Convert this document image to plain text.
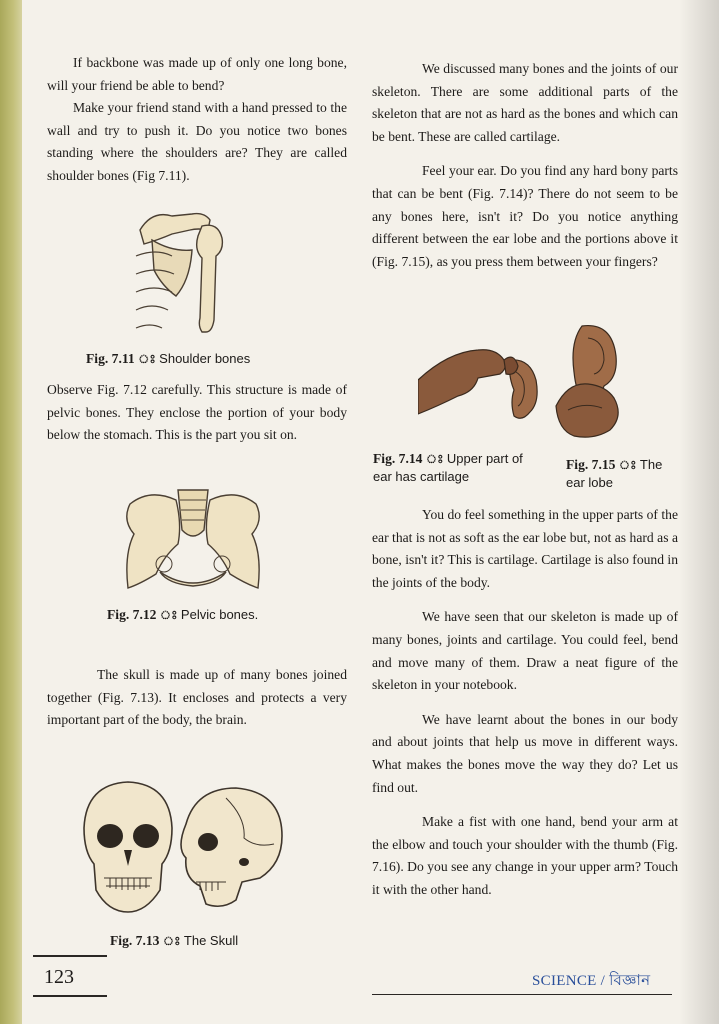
If backbone was made up of only one long bone, will your friend be able to bend?

Make your friend stand with a hand pressed to the wall and try to push it. Do you notice two bones standing where the shoulders are? They are called shoulder bones (Fig 7.11).

Fig. 7.11 ঃ Shoulder bones

Observe Fig. 7.12 carefully. This structure is made of pelvic bones. They enclose the portion of your body below the stomach. This is the part you sit on.

Fig. 7.12 ঃ Pelvic bones.

The skull is made up of many bones joined together (Fig. 7.13). It encloses and protects a very important part of the body, the brain.

Fig. 7.13 ঃ The Skull

We discussed many bones and the joints of our skeleton. There are some additional parts of the skeleton that are not as hard as the bones and which can be bent. These are called cartilage.

Feel your ear. Do you find any hard bony parts that can be bent (Fig. 7.14)? There do not seem to be any bones here, isn't it? Do you notice anything different between the ear lobe and the portions above it (Fig. 7.15), as you press them between your fingers?

Fig. 7.14 ঃ Upper part of
ear has cartilage
Fig. 7.15 ঃ The
ear lobe

You do feel something in the upper parts of the ear that is not as soft as the ear lobe but, not as hard as a bone, isn't it? This is cartilage. Cartilage is also found in the joints of the body.

We have seen that our skeleton is made up of many bones, joints and cartilage. You could feel, bend and move many of them. Draw a neat figure of the skeleton in your notebook.

We have learnt about the bones in our body and about joints that help us move in different ways. What makes the bones move the way they do? Let us find out.

Make a fist with one hand, bend your arm at the elbow and touch your shoulder with the thumb (Fig. 7.16). Do you see any change in your upper arm? Touch it with the other hand.

123	SCIENCE / বিজ্ঞান
